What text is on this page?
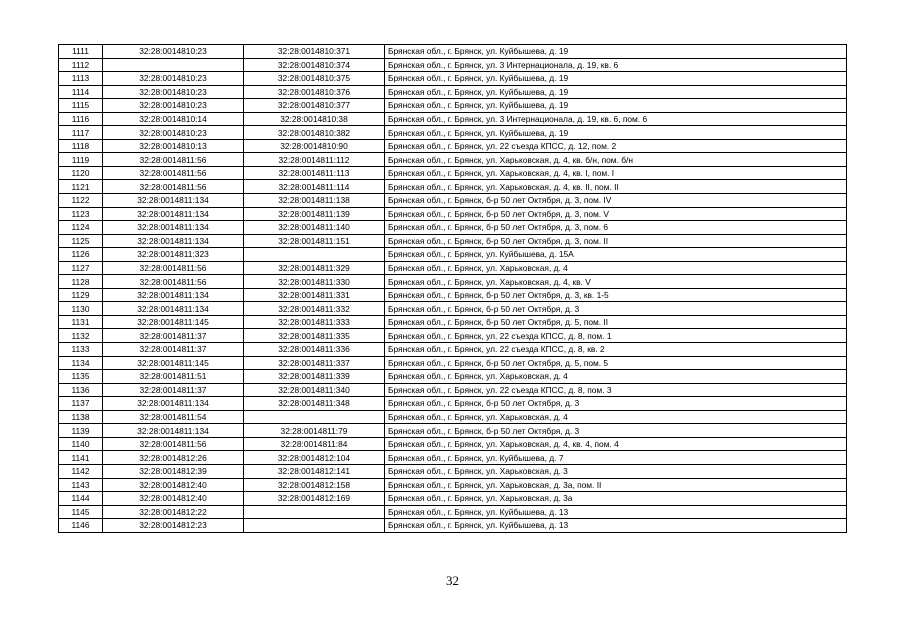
1111	32:28:0014810:23	32:28:0014810:371	Брянская обл., г. Брянск, ул. Куйбышева, д. 19
1112		32:28:0014810:374	Брянская обл., г. Брянск, ул. 3 Интернационала, д. 19, кв. 6
1113	32:28:0014810:23	32:28:0014810:375	Брянская обл., г. Брянск, ул. Куйбышева, д. 19
1114	32:28:0014810:23	32:28:0014810:376	Брянская обл., г. Брянск, ул. Куйбышева, д. 19
1115	32:28:0014810:23	32:28:0014810:377	Брянская обл., г. Брянск, ул. Куйбышева, д. 19
1116	32:28:0014810:14	32:28:0014810:38	Брянская обл., г. Брянск, ул. 3 Интернационала, д. 19, кв. 6, пом. 6
1117	32:28:0014810:23	32:28:0014810:382	Брянская обл., г. Брянск, ул. Куйбышева, д. 19
1118	32:28:0014810:13	32:28:0014810:90	Брянская обл., г. Брянск, ул. 22 съезда КПСС, д. 12, пом. 2
1119	32:28:0014811:56	32:28:0014811:112	Брянская обл., г. Брянск, ул. Харьковская, д. 4, кв. б/н, пом. б/н
1120	32:28:0014811:56	32:28:0014811:113	Брянская обл., г. Брянск, ул. Харьковская, д. 4, кв. I, пом. I
1121	32:28:0014811:56	32:28:0014811:114	Брянская обл., г. Брянск, ул. Харьковская, д. 4, кв. II, пом. II
1122	32:28:0014811:134	32:28:0014811:138	Брянская обл., г. Брянск, б-р 50 лет Октября, д. 3, пом. IV
1123	32:28:0014811:134	32:28:0014811:139	Брянская обл., г. Брянск, б-р 50 лет Октября, д. 3, пом. V
1124	32:28:0014811:134	32:28:0014811:140	Брянская обл., г. Брянск, б-р 50 лет Октября, д. 3, пом. 6
1125	32:28:0014811:134	32:28:0014811:151	Брянская обл., г. Брянск, б-р 50 лет Октября, д. 3, пом. II
1126	32:28:0014811:323		Брянская обл., г. Брянск, ул. Куйбышева, д. 15А
1127	32:28:0014811:56	32:28:0014811:329	Брянская обл., г. Брянск, ул. Харьковская, д. 4
1128	32:28:0014811:56	32:28:0014811:330	Брянская обл., г. Брянск, ул. Харьковская, д. 4, кв. V
1129	32:28:0014811:134	32:28:0014811:331	Брянская обл., г. Брянск, б-р 50 лет Октября, д. 3, кв. 1-5
1130	32:28:0014811:134	32:28:0014811:332	Брянская обл., г. Брянск, б-р 50 лет Октября, д. 3
1131	32:28:0014811:145	32:28:0014811:333	Брянская обл., г. Брянск, б-р 50 лет Октября, д. 5, пом. II
1132	32:28:0014811:37	32:28:0014811:335	Брянская обл., г. Брянск, ул. 22 съезда КПСС, д. 8, пом. 1
1133	32:28:0014811:37	32:28:0014811:336	Брянская обл., г. Брянск, ул. 22 съезда КПСС, д. 8, кв. 2
1134	32:28:0014811:145	32:28:0014811:337	Брянская обл., г. Брянск, б-р 50 лет Октября, д. 5, пом. 5
1135	32:28:0014811:51	32:28:0014811:339	Брянская обл., г. Брянск, ул. Харьковская, д. 4
1136	32:28:0014811:37	32:28:0014811:340	Брянская обл., г. Брянск, ул. 22 съезда КПСС, д. 8, пом. 3
1137	32:28:0014811:134	32:28:0014811:348	Брянская обл., г. Брянск, б-р 50 лет Октября, д. 3
1138	32:28:0014811:54		Брянская обл., г. Брянск, ул. Харьковская, д. 4
1139	32:28:0014811:134	32:28:0014811:79	Брянская обл., г. Брянск, б-р 50 лет Октября, д. 3
1140	32:28:0014811:56	32:28:0014811:84	Брянская обл., г. Брянск, ул. Харьковская, д. 4, кв. 4, пом. 4
1141	32:28:0014812:26	32:28:0014812:104	Брянская обл., г. Брянск, ул. Куйбышева, д. 7
1142	32:28:0014812:39	32:28:0014812:141	Брянская обл., г. Брянск, ул. Харьковская, д. 3
1143	32:28:0014812:40	32:28:0014812:158	Брянская обл., г. Брянск, ул. Харьковская, д. 3а, пом. II
1144	32:28:0014812:40	32:28:0014812:169	Брянская обл., г. Брянск, ул. Харьковская, д. 3а
1145	32:28:0014812:22		Брянская обл., г. Брянск, ул. Куйбышева, д. 13
1146	32:28:0014812:23		Брянская обл., г. Брянск, ул. Куйбышева, д. 13
32
